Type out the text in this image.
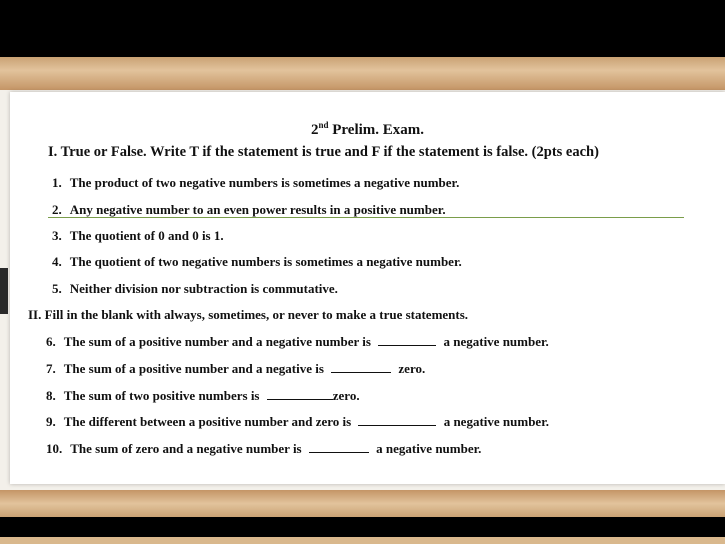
2nd Prelim. Exam.
I. True or False. Write T if the statement is true and F if the statement is false. (2pts each)
1. The product of two negative numbers is sometimes a negative number.
2. Any negative number to an even power results in a positive number.
3. The quotient of 0 and 0 is 1.
4. The quotient of two negative numbers is sometimes a negative number.
5. Neither division nor subtraction is commutative.
II. Fill in the blank with always, sometimes, or never to make a true statements.
6. The sum of a positive number and a negative number is	a negative number.
7. The sum of a positive number and a negative is	zero.
8. The sum of two positive numbers is	zero.
9. The different between a positive number and zero is	a negative number.
10. The sum of zero and a negative number is	a negative number.
